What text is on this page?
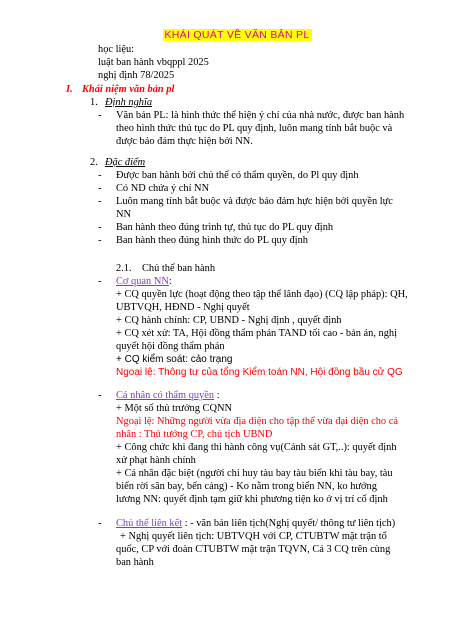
KHÁI QUÁT VỀ VĂN BẢN PL
học liệu:
luật ban hành vbqppl 2025
nghị định 78/2025
I. Khái niệm văn bản pl
1. Định nghĩa
- Văn bản PL: là hình thức thể hiện ý chí của nhà nước, được ban hành
theo hình thức thủ tục do PL quy định, luôn mang tính bắt buộc và
được bảo đảm thực hiện bởi NN.
2. Đặc điểm
- Được ban hành bởi chủ thể có thẩm quyền, do Pl quy định
- Có ND chứa ý chí NN
- Luôn mang tính bắt buộc và được bảo đảm hực hiện bởi quyền lực
NN
- Ban hành theo đúng trình tự, thủ tục do PL quy định
- Ban hành theo đúng hình thức do PL quy định
2.1. Chủ thể ban hành
- Cơ quan NN:
+ CQ quyền lực (hoạt động theo tập thể lãnh đạo) (CQ lập pháp): QH,
UBTVQH, HĐND - Nghị quyết
+ CQ hành chính: CP, UBND - Nghị định , quyết định
+ CQ xét xử: TA, Hội đồng thẩm phán TAND tối cao - bản án, nghị
quyết hội đồng thẩm phán
+ CQ kiểm soát: cảo trạng
Ngoại lệ: Thông tư của tổng Kiểm toán NN, Hội đồng bầu cử QG
- Cá nhân có thẩm quyền :
+ Một số thủ trưởng CQNN
Ngoại lệ: Những người vừa địa diện cho tập thể vừa đại diện cho cá
nhân : Thủ tướng CP, chủ tịch UBND
+ Công chức khi đang thi hành công vụ(Cảnh sát GT,..): quyết định
xử phạt hành chính
+ Cá nhân đặc biệt (người chỉ huy tàu bay tàu biển khi tàu bay, tàu
biển rời sân bay, bến cảng) - Ko nằm trong biển NN, ko hưởng
lương NN: quyết định tạm giữ khi phương tiện ko ở vị trí cố định
- Chủ thể liên kết : - văn bản liên tịch(Nghị quyết/ thông tư liên tịch)
+ Nghị quyết liên tịch: UBTVQH với CP, CTUBTW mặt trận tổ
quốc, CP với đoàn CTUBTW mặt trận TQVN, Cả 3 CQ trên cùng
ban hành
